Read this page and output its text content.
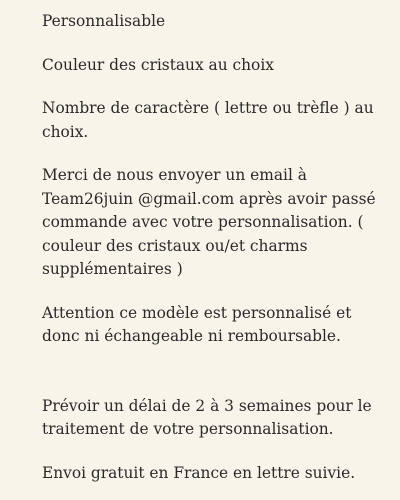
Personnalisable

Couleur des cristaux au choix

Nombre de caractère ( lettre ou trèfle ) au choix.

Merci de nous envoyer un email à Team26juin @gmail.com après avoir passé commande avec votre personnalisation. ( couleur des cristaux ou/et charms supplémentaires )

Attention ce modèle est personnalisé et donc ni échangeable ni remboursable.

Prévoir un délai de 2 à 3 semaines pour le traitement de votre personnalisation.

Envoi gratuit en France en lettre suivie.
